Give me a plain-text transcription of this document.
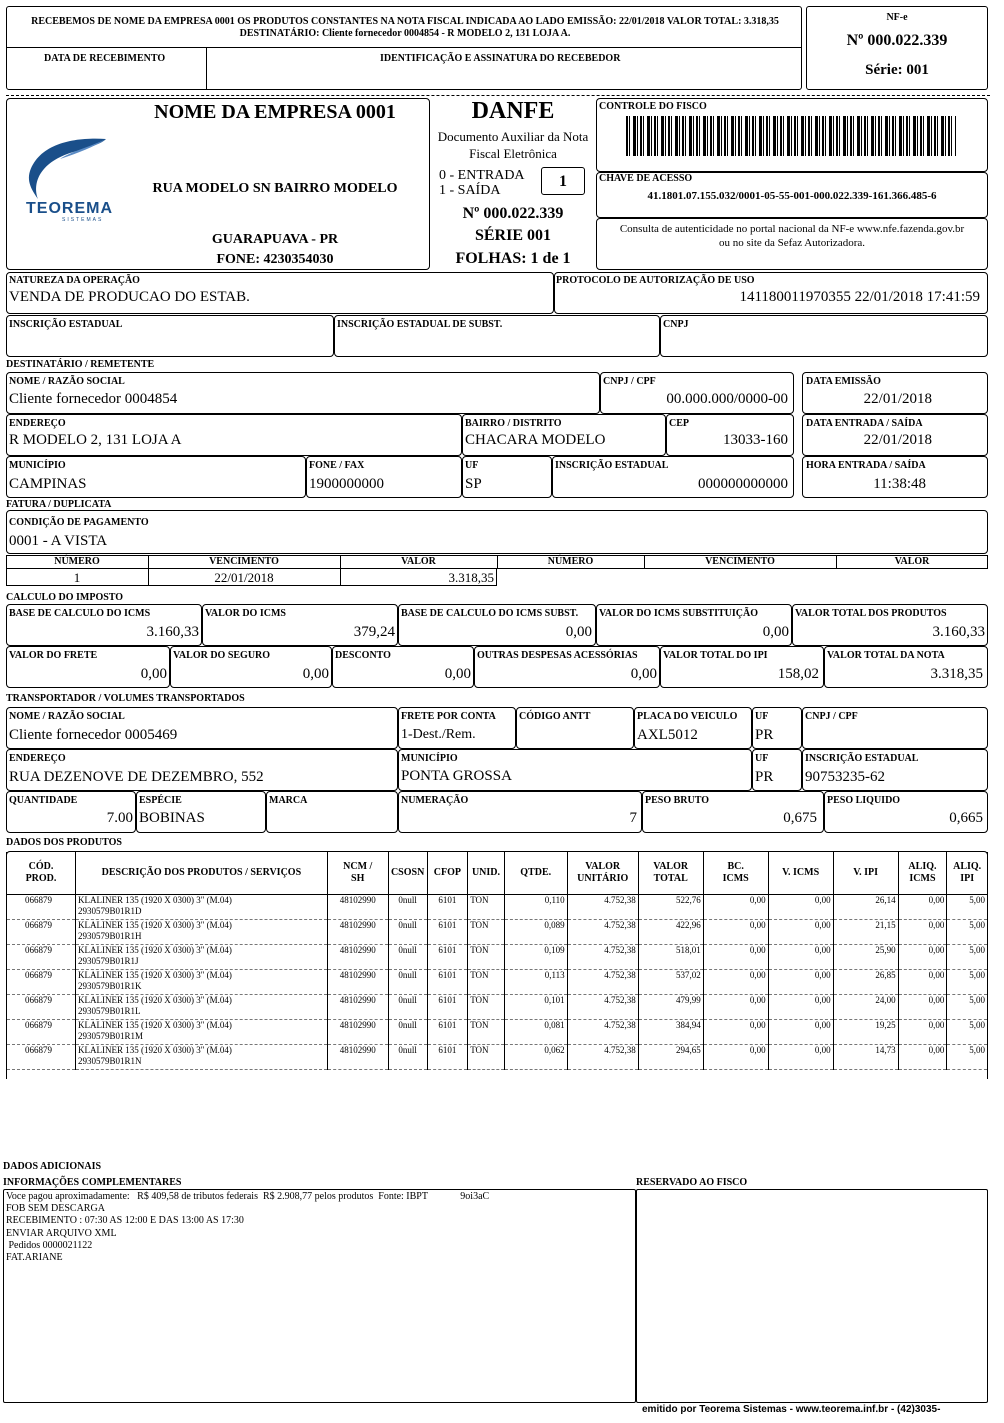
RECEBEMOS DE NOME DA EMPRESA 0001 OS PRODUTOS CONSTANTES NA NOTA FISCAL INDICADA AO LADO EMISSÃO: 22/01/2018 VALOR TOTAL: 3.318,35 DESTINATÁRIO: Cliente fornecedor 0004854 - R MODELO 2, 131 LOJA A.
DATA DE RECEBIMENTO	IDENTIFICAÇÃO E ASSINATURA DO RECEBEDOR
NF-e
Nº 000.022.339
Série: 001
NOME DA EMPRESA 0001
TEOREMA
SISTEMAS
RUA MODELO SN BAIRRO MODELO
GUARAPUAVA - PR
FONE: 4230354030
DANFE
Documento Auxiliar da Nota
Fiscal Eletrônica
0 - ENTRADA
1 - SAÍDA
1
Nº 000.022.339
SÉRIE 001
FOLHAS: 1 de 1
CONTROLE DO FISCO
CHAVE DE ACESSO
41.1801.07.155.032/0001-05-55-001-000.022.339-161.366.485-6
Consulta de autenticidade no portal nacional da NF-e www.nfe.fazenda.gov.br
ou no site da Sefaz Autorizadora.
NATUREZA DA OPERAÇÃO
VENDA DE PRODUCAO DO ESTAB.
PROTOCOLO DE AUTORIZAÇÃO DE USO
141180011970355 22/01/2018 17:41:59
INSCRIÇÃO ESTADUAL	INSCRIÇÃO ESTADUAL DE SUBST.	CNPJ
DESTINATÁRIO / REMETENTE
NOME / RAZÃO SOCIAL
Cliente fornecedor 0004854
CNPJ / CPF
00.000.000/0000-00
DATA EMISSÃO
22/01/2018
ENDEREÇO
R MODELO 2, 131 LOJA A
BAIRRO / DISTRITO
CHACARA MODELO
CEP
13033-160
DATA ENTRADA / SAÍDA
22/01/2018
MUNICÍPIO
CAMPINAS
FONE / FAX
1900000000
UF
SP
INSCRIÇÃO ESTADUAL
000000000000
HORA ENTRADA / SAÍDA
11:38:48
FATURA / DUPLICATA
CONDIÇÃO DE PAGAMENTO
0001 - A VISTA
NÚMERO	VENCIMENTO	VALOR	NÚMERO	VENCIMENTO	VALOR
1	22/01/2018	3.318,35
CALCULO DO IMPOSTO
BASE DE CALCULO DO ICMS
3.160,33
VALOR DO ICMS
379,24
BASE DE CALCULO DO ICMS SUBST.
0,00
VALOR DO ICMS SUBSTITUIÇÃO
0,00
VALOR TOTAL DOS PRODUTOS
3.160,33
VALOR DO FRETE
0,00
VALOR DO SEGURO
0,00
DESCONTO
0,00
OUTRAS DESPESAS ACESSÓRIAS
0,00
VALOR TOTAL DO IPI
158,02
VALOR TOTAL DA NOTA
3.318,35
TRANSPORTADOR / VOLUMES TRANSPORTADOS
NOME / RAZÃO SOCIAL
Cliente fornecedor 0005469
FRETE POR CONTA
1-Dest./Rem.
CÓDIGO ANTT	PLACA DO VEICULO
AXL5012
UF
PR
CNPJ / CPF
ENDEREÇO
RUA DEZENOVE DE DEZEMBRO, 552
MUNICÍPIO
PONTA GROSSA
UF
PR
INSCRIÇÃO ESTADUAL
90753235-62
QUANTIDADE
7.00
ESPÉCIE
BOBINAS
MARCA	NUMERAÇÃO
7
PESO BRUTO
0,675
PESO LIQUIDO
0,665
DADOS DOS PRODUTOS
CÓD.
PROD.	DESCRIÇÃO DOS PRODUTOS / SERVIÇOS	NCM /
SH	CSOSN	CFOP	UNID.	QTDE.	VALOR
UNITÁRIO	VALOR
TOTAL	BC.
ICMS	V. ICMS	V. IPI	ALIQ.
ICMS	ALIQ.
IPI
066879	KLALINER 135 (1920 X 0300) 3" (M.04)
2930579B01R1D	48102990	0null	6101	TON	0,110	4.752,38	522,76	0,00	0,00	26,14	0,00	5,00
066879	KLALINER 135 (1920 X 0300) 3" (M.04)
2930579B01R1H	48102990	0null	6101	TON	0,089	4.752,38	422,96	0,00	0,00	21,15	0,00	5,00
066879	KLALINER 135 (1920 X 0300) 3" (M.04)
2930579B01R1J	48102990	0null	6101	TON	0,109	4.752,38	518,01	0,00	0,00	25,90	0,00	5,00
066879	KLALINER 135 (1920 X 0300) 3" (M.04)
2930579B01R1K	48102990	0null	6101	TON	0,113	4.752,38	537,02	0,00	0,00	26,85	0,00	5,00
066879	KLALINER 135 (1920 X 0300) 3" (M.04)
2930579B01R1L	48102990	0null	6101	TON	0,101	4.752,38	479,99	0,00	0,00	24,00	0,00	5,00
066879	KLALINER 135 (1920 X 0300) 3" (M.04)
2930579B01R1M	48102990	0null	6101	TON	0,081	4.752,38	384,94	0,00	0,00	19,25	0,00	5,00
066879	KLALINER 135 (1920 X 0300) 3" (M.04)
2930579B01R1N	48102990	0null	6101	TON	0,062	4.752,38	294,65	0,00	0,00	14,73	0,00	5,00
DADOS ADICIONAIS
INFORMAÇÕES COMPLEMENTARES	RESERVADO AO FISCO
Voce pagou aproximadamente:   R$ 409,58 de tributos federais  R$ 2.908,77 pelos produtos  Fonte: IBPT             9oi3aC
FOB SEM DESCARGA
RECEBIMENTO : 07:30 AS 12:00 E DAS 13:00 AS 17:30
ENVIAR ARQUIVO XML
Pedidos 0000021122
FAT.ARIANE
emitido por Teorema Sistemas - www.teorema.inf.br - (42)3035-
